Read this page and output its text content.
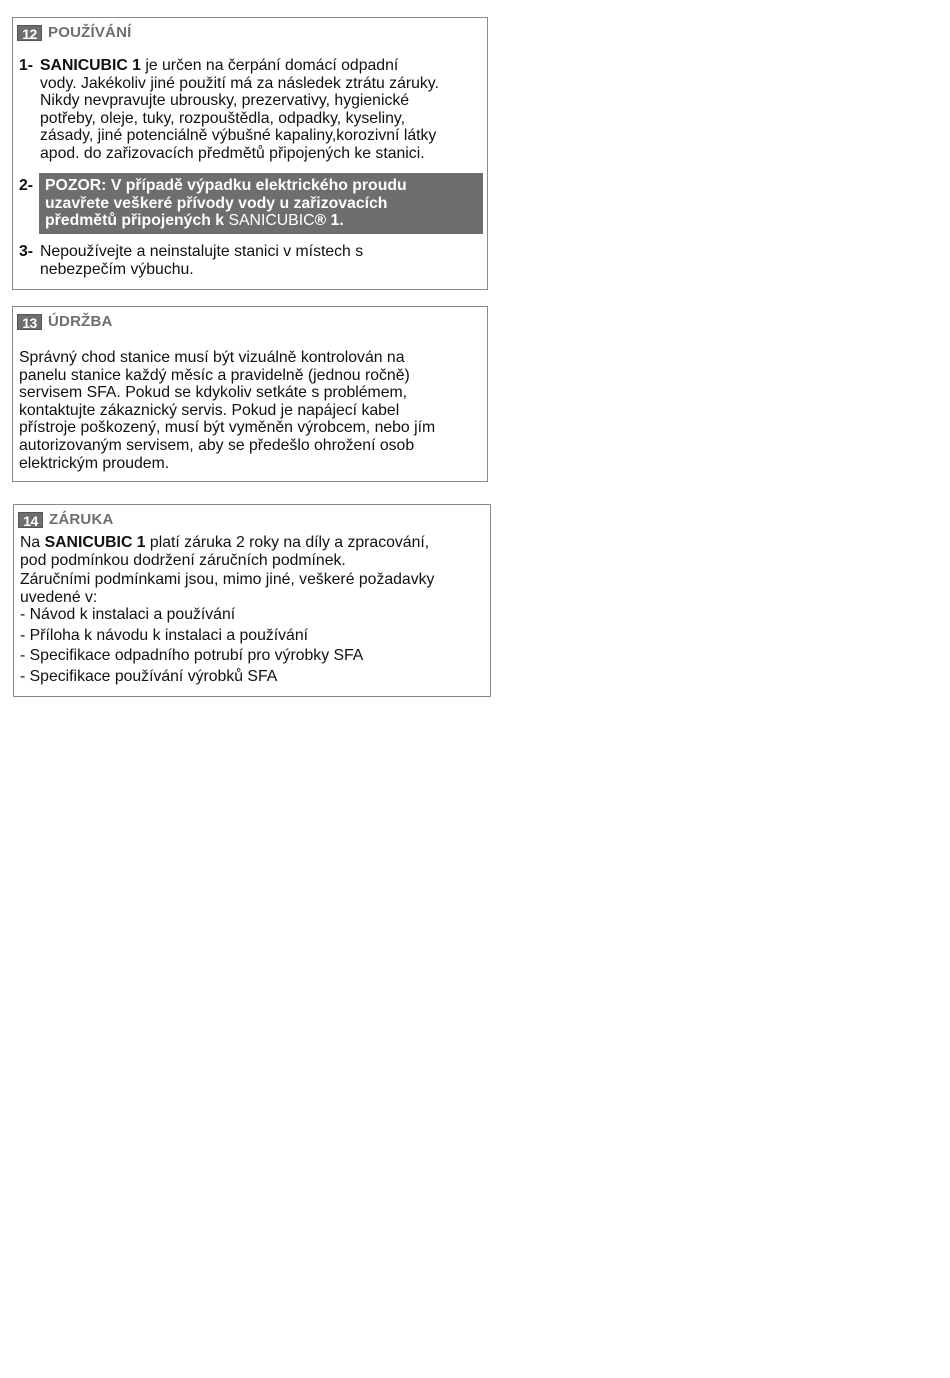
12 POUŽÍVÁNÍ
1- SANICUBIC 1 je určen na čerpání domácí odpadní
vody. Jakékoliv jiné použití má za následek ztrátu záruky.
Nikdy nevpravujte ubrousky, prezervativy, hygienické
potřeby, oleje, tuky, rozpouštědla, odpadky, kyseliny,
zásady, jiné potenciálně výbušné kapaliny,korozivní látky
apod. do zařizovacích předmětů připojených ke stanici.
2- POZOR: V případě výpadku elektrického proudu
uzavřete veškeré přívody vody u zařizovacích
předmětů připojených k SANICUBIC® 1.
3- Nepoužívejte a neinstalujte stanici v místech s
nebezpečím výbuchu.
13 ÚDRŽBA
Správný chod stanice musí být vizuálně kontrolován na
panelu stanice každý měsíc a pravidelně (jednou ročně)
servisem SFA. Pokud se kdykoliv setkáte s problémem,
kontaktujte zákaznický servis. Pokud je napájecí kabel
přístroje poškozený, musí být vyměněn výrobcem, nebo jím
autorizovaným servisem, aby se předešlo ohrožení osob
elektrickým proudem.
14 ZÁRUKA
Na SANICUBIC 1 platí záruka 2 roky na díly a zpracování,
pod podmínkou dodržení záručních podmínek.
Záručními podmínkami jsou, mimo jiné, veškeré požadavky
uvedené v:
- Návod k instalaci a používání
- Příloha k návodu k instalaci a používání
- Specifikace odpadního potrubí pro výrobky SFA
- Specifikace používání výrobků SFA
